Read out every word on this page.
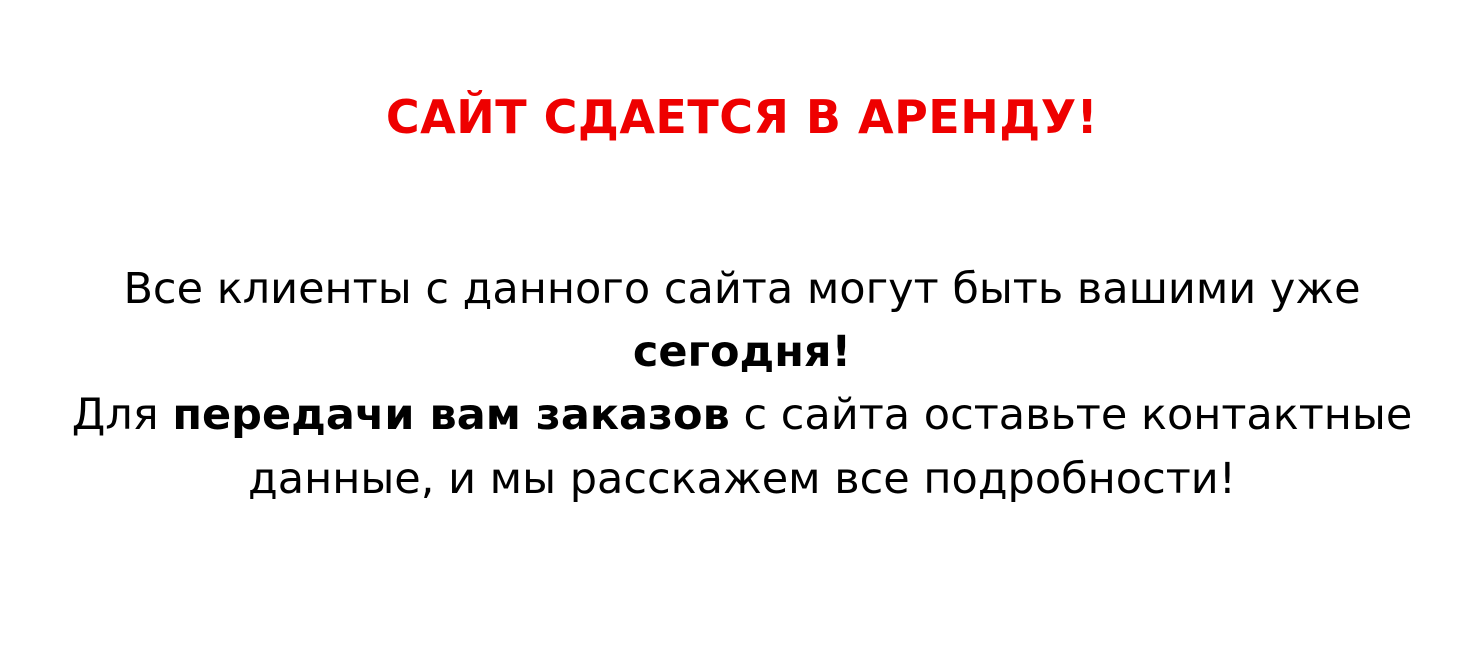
САЙТ СДАЕТСЯ В АРЕНДУ!

Все клиенты с данного сайта могут быть вашими уже сегодня!

Для передачи вам заказов с сайта оставьте контактные данные, и мы расскажем все подробности!
